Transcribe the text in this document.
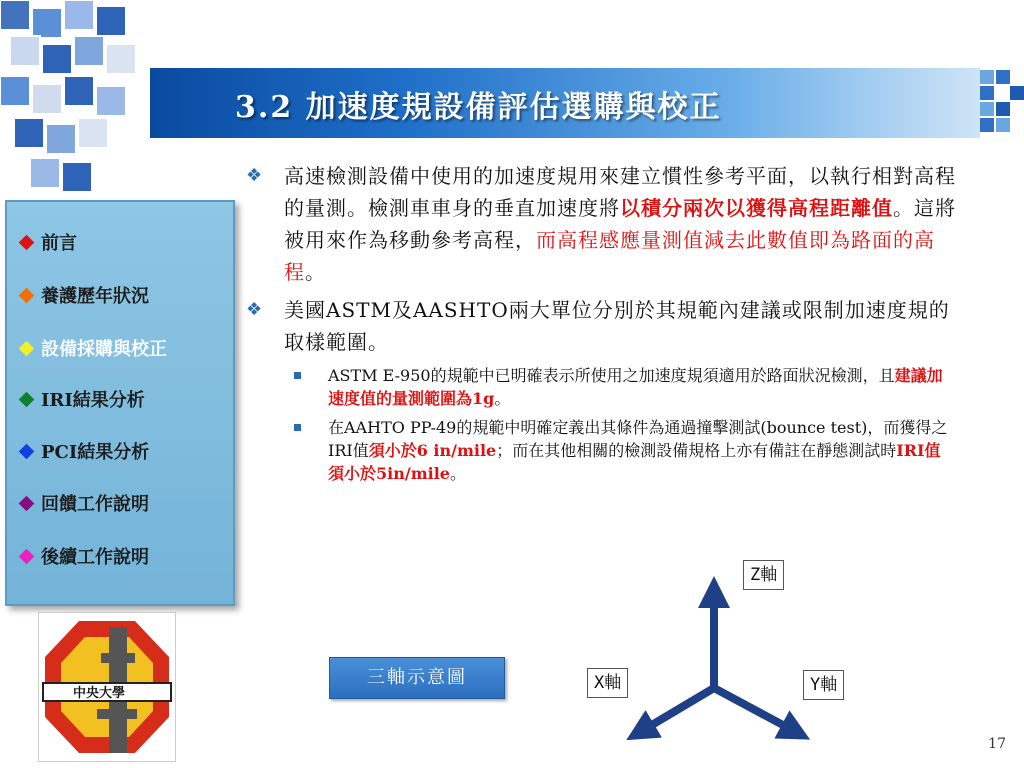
3.2 加速度規設備評估選購與校正
前言
養護歷年狀況
設備採購與校正
IRI結果分析
PCI結果分析
回饋工作說明
後續工作說明
中央大學
❖ 高速檢測設備中使用的加速度規用來建立慣性參考平面，以執行相對高程的量測。檢測車車身的垂直加速度將以積分兩次以獲得高程距離值。這將被用來作為移動參考高程，而高程感應量測值減去此數值即為路面的高程。
❖ 美國ASTM及AASHTO兩大單位分別於其規範內建議或限制加速度規的取樣範圍。
ASTM E-950的規範中已明確表示所使用之加速度規須適用於路面狀況檢測，且建議加速度值的量測範圍為1g。
在AAHTO PP-49的規範中明確定義出其條件為通過撞擊測試(bounce test)，而獲得之IRI值須小於6 in/mile；而在其他相關的檢測設備規格上亦有備註在靜態測試時IRI值須小於5in/mile。
三軸示意圖
Z軸
X軸	Y軸
17
